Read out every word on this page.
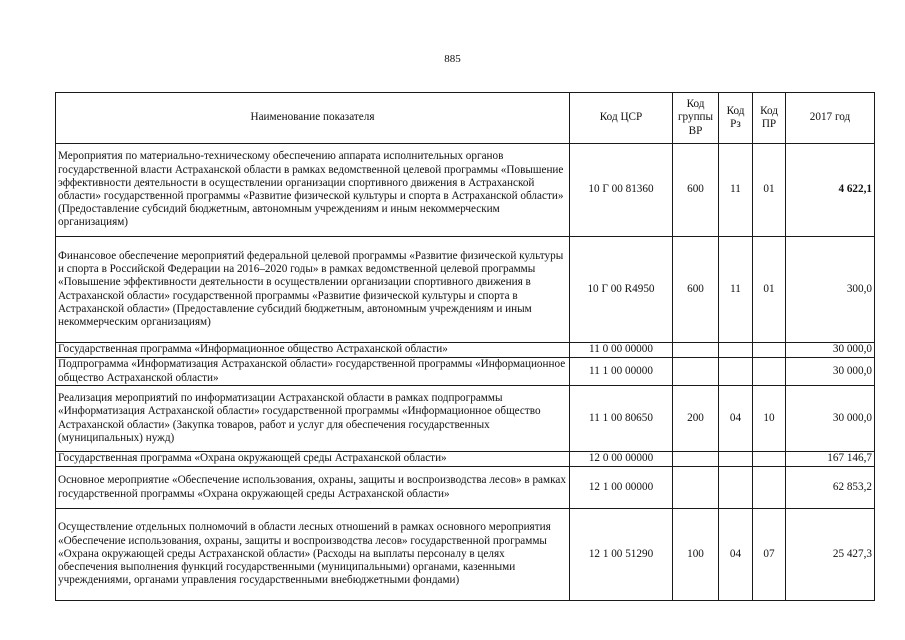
885
Наименование показателя	Код ЦСР	Код группы ВР	Код Рз	Код ПР	2017 год
Мероприятия по материально-техническому обеспечению аппарата исполнительных органов государственной власти Астраханской области в рамках ведомственной целевой программы «Повышение эффективности деятельности в осуществлении организации спортивного движения в Астраханской области» государственной программы «Развитие физической культуры и спорта в Астраханской области» (Предоставление субсидий бюджетным, автономным учреждениям и иным некоммерческим организациям)	10 Г 00 81360	600	11	01	4 622,1
Финансовое обеспечение мероприятий федеральной целевой программы «Развитие физической культуры и спорта в Российской Федерации на 2016–2020 годы» в рамках ведомственной целевой программы «Повышение эффективности деятельности в осуществлении организации спортивного движения в Астраханской области» государственной программы «Развитие физической культуры и спорта в Астраханской области» (Предоставление субсидий бюджетным, автономным учреждениям и иным некоммерческим организациям)	10 Г 00 R4950	600	11	01	300,0
Государственная программа «Информационное общество Астраханской области»	11 0 00 00000				30 000,0
Подпрограмма «Информатизация Астраханской области» государственной программы «Информационное общество Астраханской области»	11 1 00 00000				30 000,0
Реализация мероприятий по информатизации Астраханской области в рамках подпрограммы «Информатизация Астраханской области» государственной программы «Информационное общество Астраханской области» (Закупка товаров, работ и услуг для обеспечения государственных (муниципальных) нужд)	11 1 00 80650	200	04	10	30 000,0
Государственная программа «Охрана окружающей среды Астраханской области»	12 0 00 00000				167 146,7
Основное мероприятие «Обеспечение использования, охраны, защиты и воспроизводства лесов» в рамках государственной программы «Охрана окружающей среды Астраханской области»	12 1 00 00000				62 853,2
Осуществление отдельных полномочий в области лесных отношений в рамках основного мероприятия «Обеспечение использования, охраны, защиты и воспроизводства лесов» государственной программы «Охрана окружающей среды Астраханской области» (Расходы на выплаты персоналу в целях обеспечения выполнения функций государственными (муниципальными) органами, казенными учреждениями, органами управления государственными внебюджетными фондами)	12 1 00 51290	100	04	07	25 427,3
